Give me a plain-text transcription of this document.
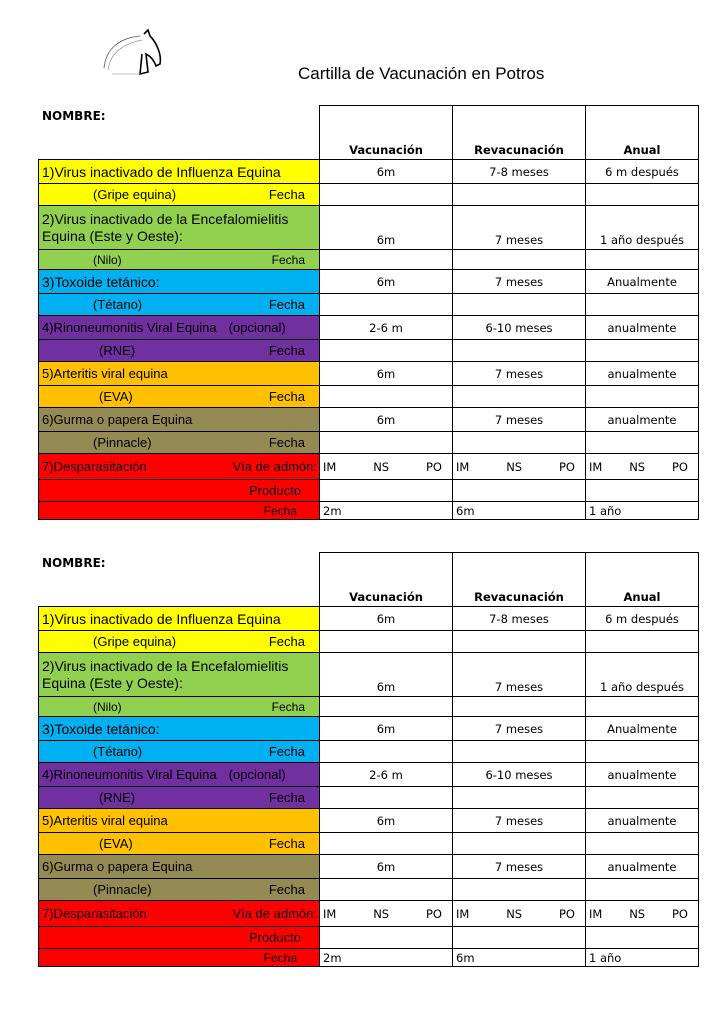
Cartilla de Vacunación en Potros
NOMBRE:
	Vacunación	Revacunación	Anual
1)Virus inactivado de Influenza Equina	6m	7-8 meses	6 m después

(Gripe equina) Fecha			

2)Virus inactivado de la Encefalomielitis
Equina (Este y Oeste):	6m	7 meses	1 año después

(Nilo) Fecha			

3)Toxoide tetánico:	6m	7 meses	Anualmente

(Tétano) Fecha			

4)Rinoneumonitis Viral Equina (opcional)	2-6 m	6-10 meses	anualmente

(RNE) Fecha			

5)Arteritis viral equina	6m	7 meses	anualmente

(EVA) Fecha			

6)Gurma o papera Equina	6m	7 meses	anualmente

(Pinnacle) Fecha			

7)Desparasitación Vía de admón:	IM NS PO	IM NS PO	IM NS PO

Producto			
Fecha	2m	6m	1 año
NOMBRE:
	Vacunación	Revacunación	Anual
1)Virus inactivado de Influenza Equina	6m	7-8 meses	6 m después

(Gripe equina) Fecha			

2)Virus inactivado de la Encefalomielitis
Equina (Este y Oeste):	6m	7 meses	1 año después

(Nilo) Fecha			

3)Toxoide tetánico:	6m	7 meses	Anualmente

(Tétano) Fecha			

4)Rinoneumonitis Viral Equina (opcional)	2-6 m	6-10 meses	anualmente

(RNE) Fecha			

5)Arteritis viral equina	6m	7 meses	anualmente

(EVA) Fecha			

6)Gurma o papera Equina	6m	7 meses	anualmente

(Pinnacle) Fecha			

7)Desparasitación Vía de admón:	IM NS PO	IM NS PO	IM NS PO

Producto			
Fecha	2m	6m	1 año
